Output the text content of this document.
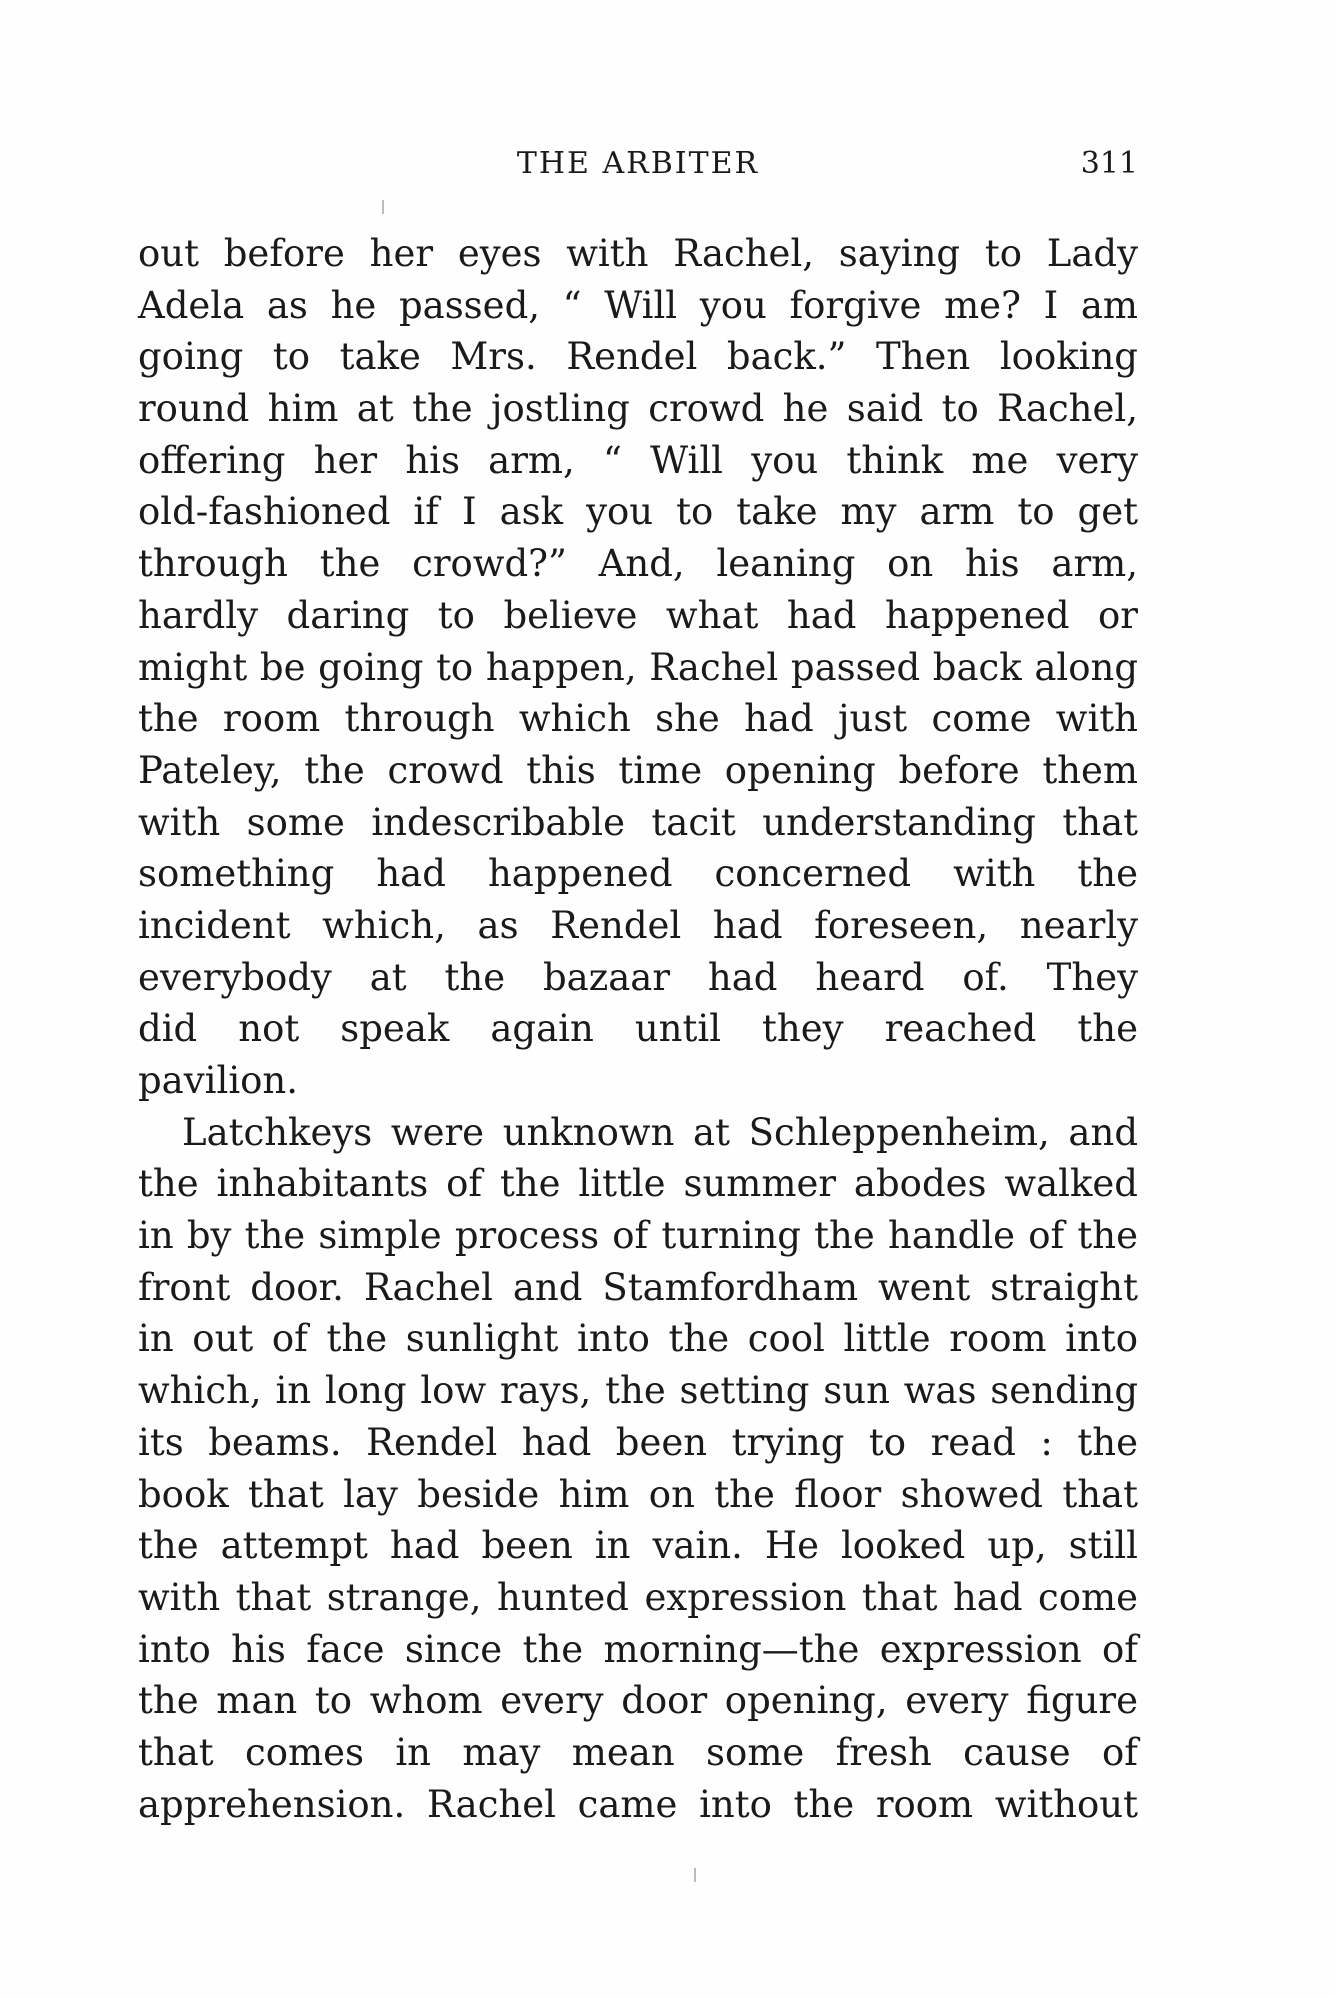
THE ARBITER	311
out before her eyes with Rachel, saying to Lady
Adela as he passed, “ Will you forgive me? I am
going to take Mrs. Rendel back.” Then looking
round him at the jostling crowd he said to Rachel,
offering her his arm, “ Will you think me very
old-fashioned if I ask you to take my arm to get
through the crowd?” And, leaning on his arm,
hardly daring to believe what had happened or
might be going to happen, Rachel passed back along
the room through which she had just come with
Pateley, the crowd this time opening before them
with some indescribable tacit understanding that
something had happened concerned with the
incident which, as Rendel had foreseen, nearly
everybody at the bazaar had heard of. They
did not speak again until they reached the
pavilion.
Latchkeys were unknown at Schleppenheim, and
the inhabitants of the little summer abodes walked
in by the simple process of turning the handle of the
front door. Rachel and Stamfordham went straight
in out of the sunlight into the cool little room into
which, in long low rays, the setting sun was sending
its beams. Rendel had been trying to read : the
book that lay beside him on the floor showed that
the attempt had been in vain. He looked up, still
with that strange, hunted expression that had come
into his face since the morning—the expression of
the man to whom every door opening, every figure
that comes in may mean some fresh cause of
apprehension. Rachel came into the room without
